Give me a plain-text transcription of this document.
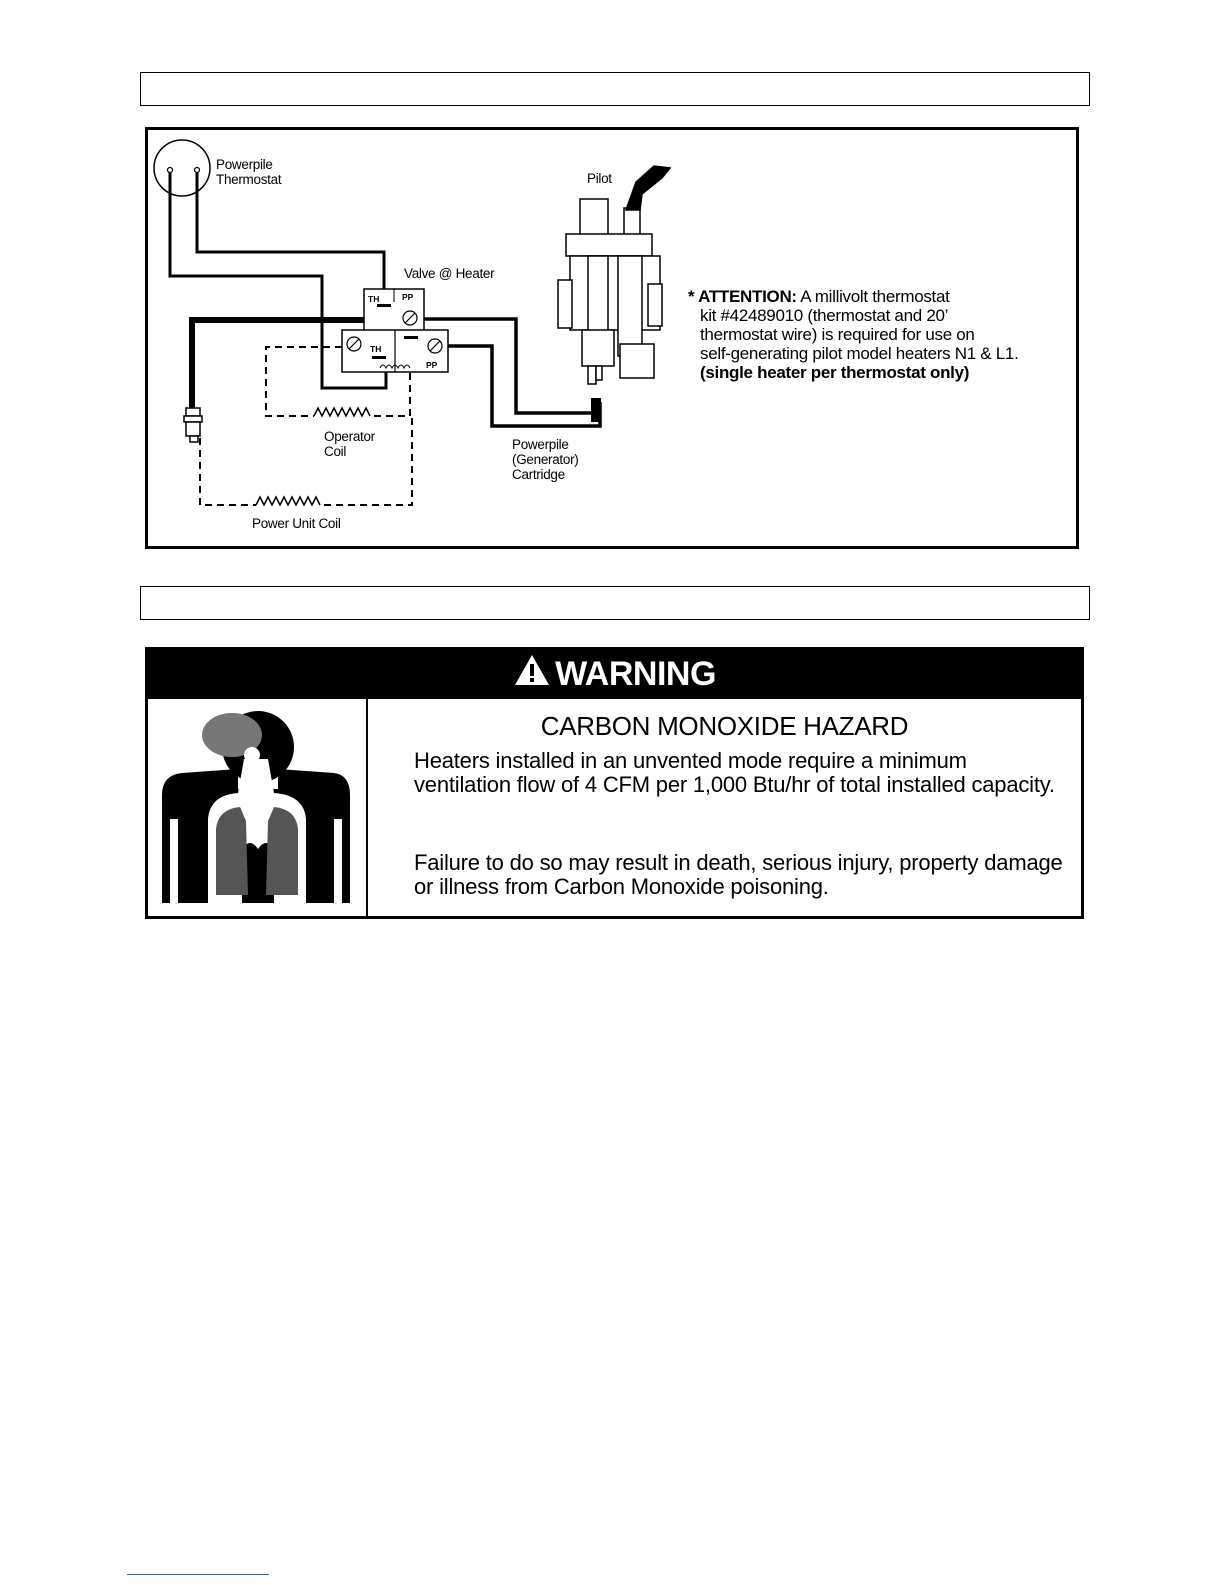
Powerpile
Thermostat	Pilot
Valve @ Heater
TH	PP
TH
PP
Operator
Coil	Powerpile
(Generator)
Cartridge
Power Unit Coil
* ATTENTION: A millivolt thermostat
kit #42489010 (thermostat and 20’
thermostat wire) is required for use on
self-generating pilot model heaters N1 & L1.
(single heater per thermostat only)
WARNING
CARBON MONOXIDE HAZARD
Heaters installed in an unvented mode require a minimum ventilation flow of 4 CFM per 1,000 Btu/hr of total installed capacity.
Failure to do so may result in death, serious injury, property damage or illness from Carbon Monoxide poisoning.
